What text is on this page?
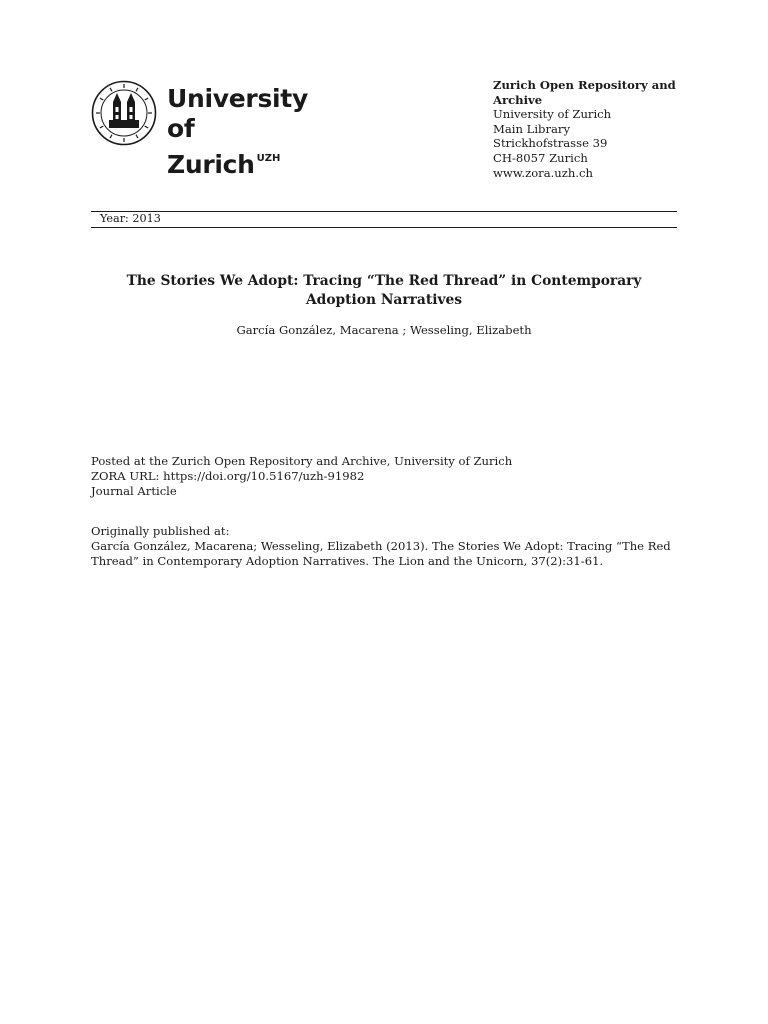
University of
Zurich $^{UZH}$
Zurich Open Repository and Archive
University of Zurich
Main Library
Strickhofstrasse 39
CH-8057 Zurich
www.zora.uzh.ch
Year: 2013
The Stories We Adopt: Tracing “The Red Thread” in Contemporary
Adoption Narratives
García González, Macarena ; Wesseling, Elizabeth
Posted at the Zurich Open Repository and Archive, University of Zurich
ZORA URL: https://doi.org/10.5167/uzh-91982
Journal Article
Originally published at:
García González, Macarena; Wesseling, Elizabeth (2013). The Stories We Adopt: Tracing “The Red
Thread” in Contemporary Adoption Narratives. The Lion and the Unicorn, 37(2):31-61.
